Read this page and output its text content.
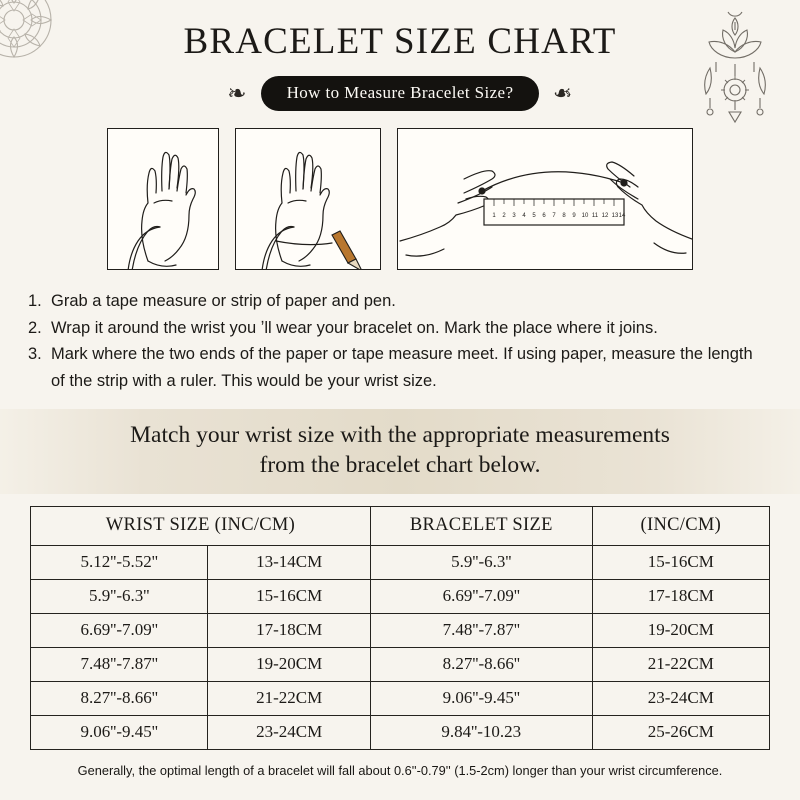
BRACELET SIZE CHART
❧	How to Measure Bracelet Size?	❧
1 2 3 4 5 6 7 8 9 10 11 12 13 14
1. Grab a tape measure or strip of paper and pen.
2. Wrap it around the wrist you ʼll wear your bracelet on. Mark the place where it joins.
3. Mark where the two ends of the paper or tape measure meet. If using paper, measure the length of the strip with a ruler. This would be your wrist size.
Match your wrist size with the appropriate measurements
from the bracelet chart below.
WRIST SIZE (INC/CM)		BRACELET SIZE	(INC/CM)
5.12''-5.52''	13-14CM	5.9''-6.3''	15-16CM
5.9''-6.3''	15-16CM	6.69''-7.09''	17-18CM
6.69''-7.09''	17-18CM	7.48''-7.87''	19-20CM
7.48''-7.87''	19-20CM	8.27''-8.66''	21-22CM
8.27''-8.66''	21-22CM	9.06''-9.45''	23-24CM
9.06''-9.45''	23-24CM	9.84''-10.23	25-26CM
Generally, the optimal length of a bracelet will fall about 0.6''-0.79'' (1.5-2cm) longer than your wrist circumference.
